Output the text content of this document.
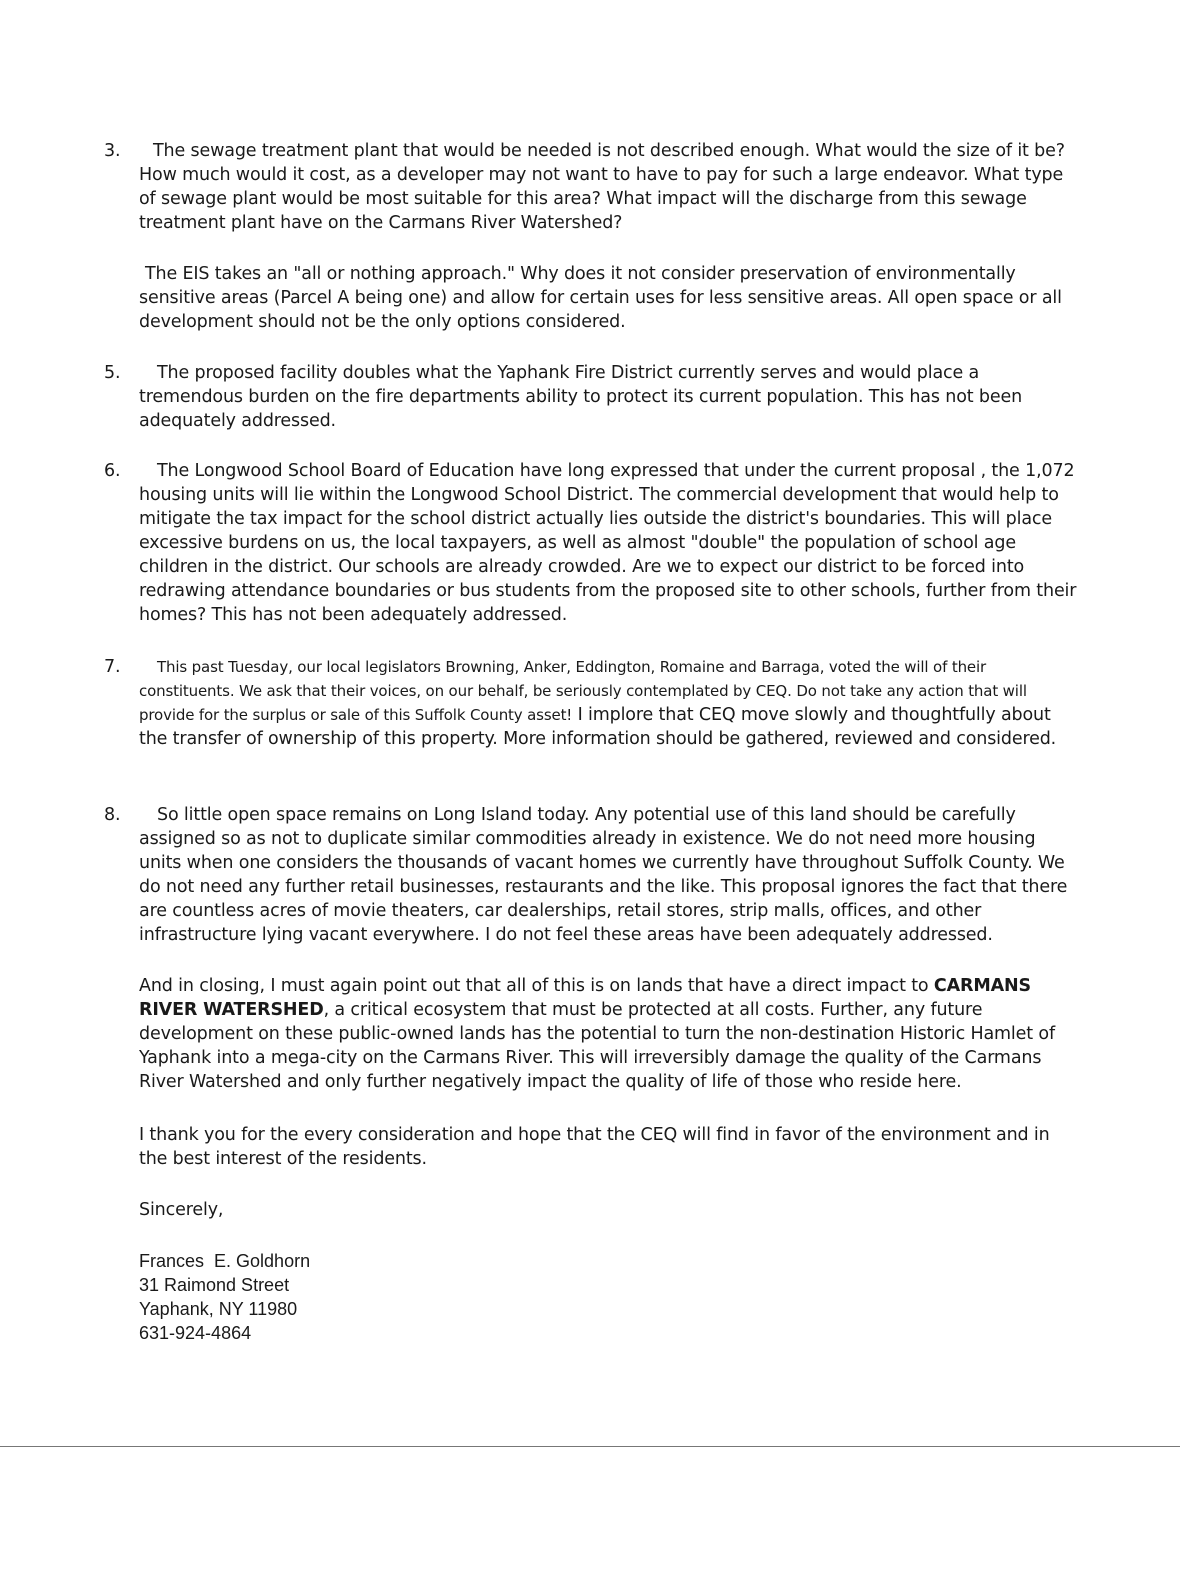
3.	The sewage treatment plant that would be needed is not described enough. What would the size of it be? How much would it cost, as a developer may not want to have to pay for such a large endeavor. What type of sewage plant would be most suitable for this area? What impact will the discharge from this sewage treatment plant have on the Carmans River Watershed?
The EIS takes an "all or nothing approach." Why does it not consider preservation of environmentally sensitive areas (Parcel A being one) and allow for certain uses for less sensitive areas. All open space or all development should not be the only options considered.
5.	The proposed facility doubles what the Yaphank Fire District currently serves and would place a tremendous burden on the fire departments ability to protect its current population. This has not been adequately addressed.
6.	The Longwood School Board of Education have long expressed that under the current proposal , the 1,072 housing units will lie within the Longwood School District. The commercial development that would help to mitigate the tax impact for the school district actually lies outside the district's boundaries. This will place excessive burdens on us, the local taxpayers, as well as almost "double" the population of school age children in the district. Our schools are already crowded. Are we to expect our district to be forced into redrawing attendance boundaries or bus students from the proposed site to other schools, further from their homes? This has not been adequately addressed.
7.	This past Tuesday, our local legislators Browning, Anker, Eddington, Romaine and Barraga, voted the will of their constituents. We ask that their voices, on our behalf, be seriously contemplated by CEQ. Do not take any action that will provide for the surplus or sale of this Suffolk County asset! I implore that CEQ move slowly and thoughtfully about the transfer of ownership of this property. More information should be gathered, reviewed and considered.
8.	So little open space remains on Long Island today. Any potential use of this land should be carefully assigned so as not to duplicate similar commodities already in existence. We do not need more housing units when one considers the thousands of vacant homes we currently have throughout Suffolk County. We do not need any further retail businesses, restaurants and the like. This proposal ignores the fact that there are countless acres of movie theaters, car dealerships, retail stores, strip malls, offices, and other infrastructure lying vacant everywhere. I do not feel these areas have been adequately addressed.
And in closing, I must again point out that all of this is on lands that have a direct impact to CARMANS RIVER WATERSHED, a critical ecosystem that must be protected at all costs. Further, any future development on these public-owned lands has the potential to turn the non-destination Historic Hamlet of Yaphank into a mega-city on the Carmans River. This will irreversibly damage the quality of the Carmans River Watershed and only further negatively impact the quality of life of those who reside here.
I thank you for the every consideration and hope that the CEQ will find in favor of the environment and in the best interest of the residents.
Sincerely,
Frances  E. Goldhorn
31 Raimond Street
Yaphank, NY 11980
631-924-4864
